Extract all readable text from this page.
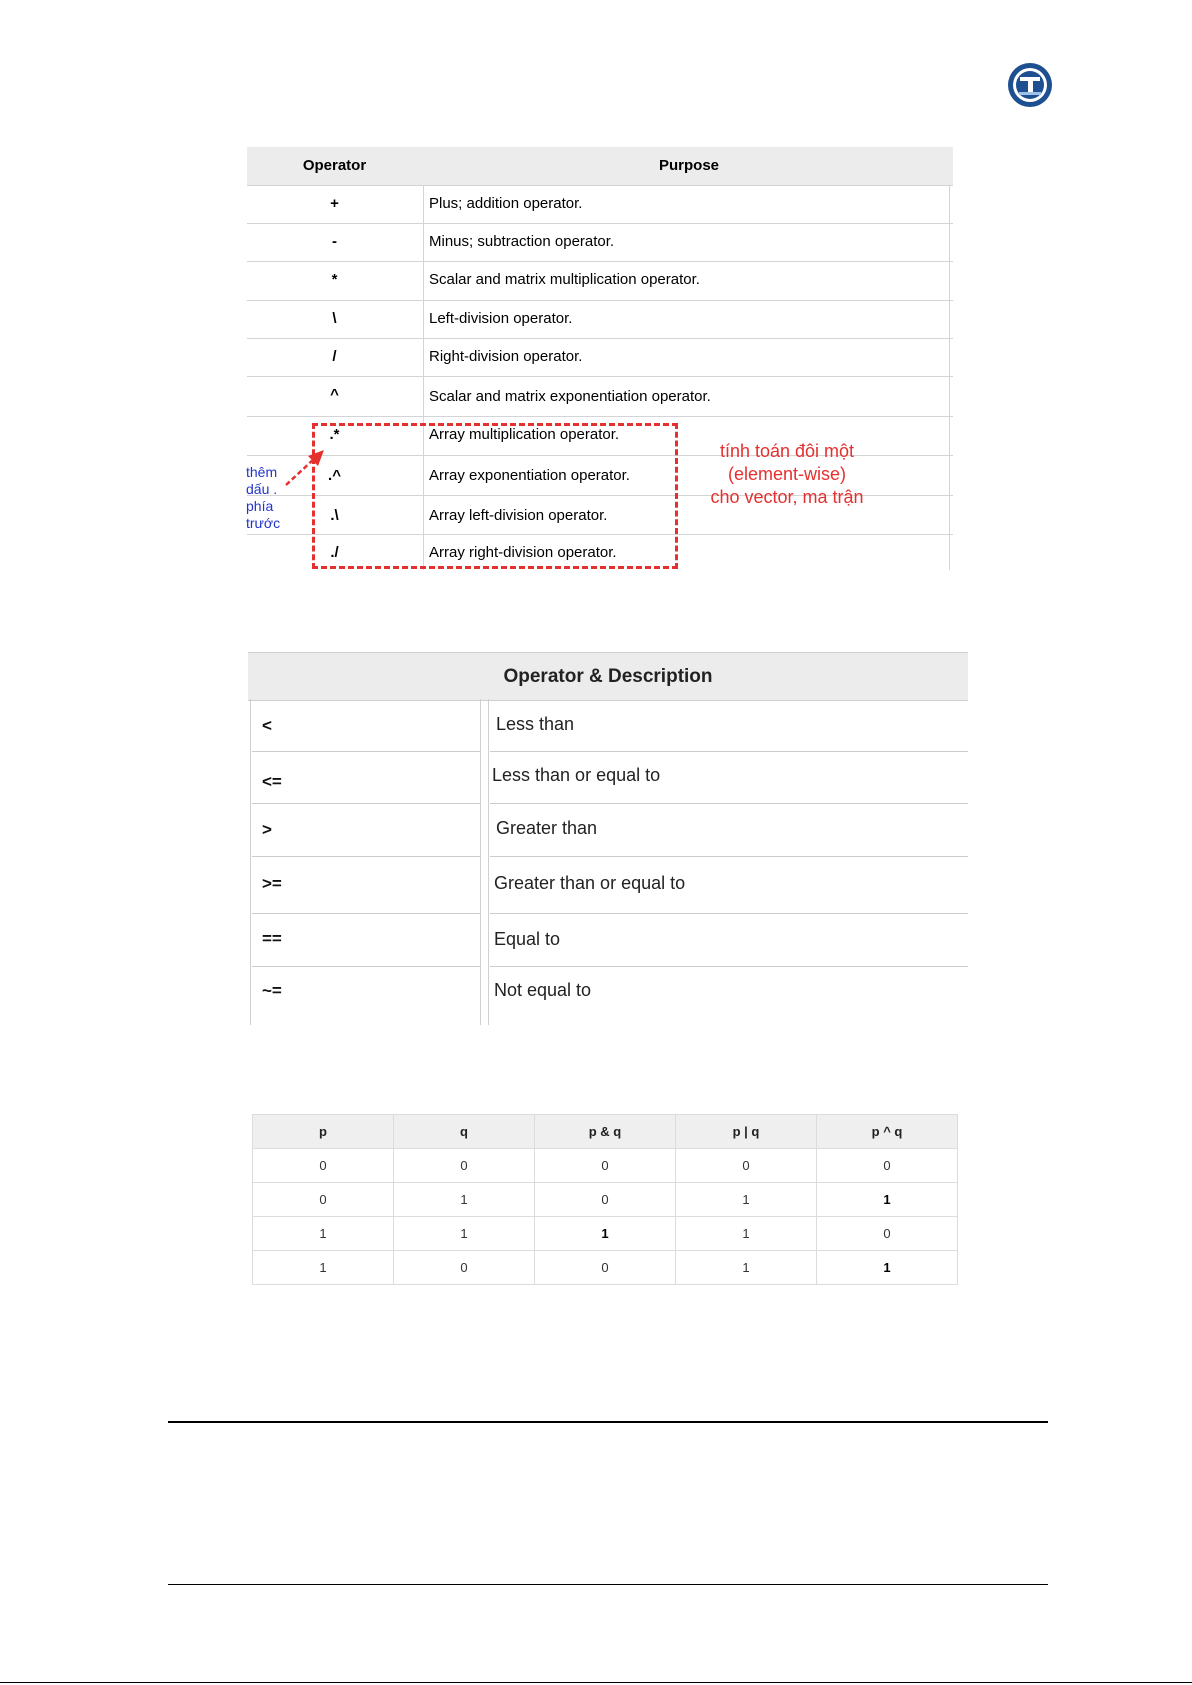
Operator	Purpose
+	Plus; addition operator.
-	Minus; subtraction operator.
*	Scalar and matrix multiplication operator.
\	Left-division operator.
/	Right-division operator.
^	Scalar and matrix exponentiation operator.
.*	Array multiplication operator.
.^	Array exponentiation operator.
.\	Array left-division operator.
./	Array right-division operator.
tính toán đôi một
(element-wise)
cho vector, ma trận
thêm
dấu .
phía
trước
Operator & Description
<	Less than
<=	Less than or equal to
>	Greater than
>=	Greater than or equal to
==	Equal to
~=	Not equal to
p	q	p & q	p | q	p ^ q
0	0	0	0	0
0	1	0	1	1
1	1	1	1	0
1	0	0	1	1
